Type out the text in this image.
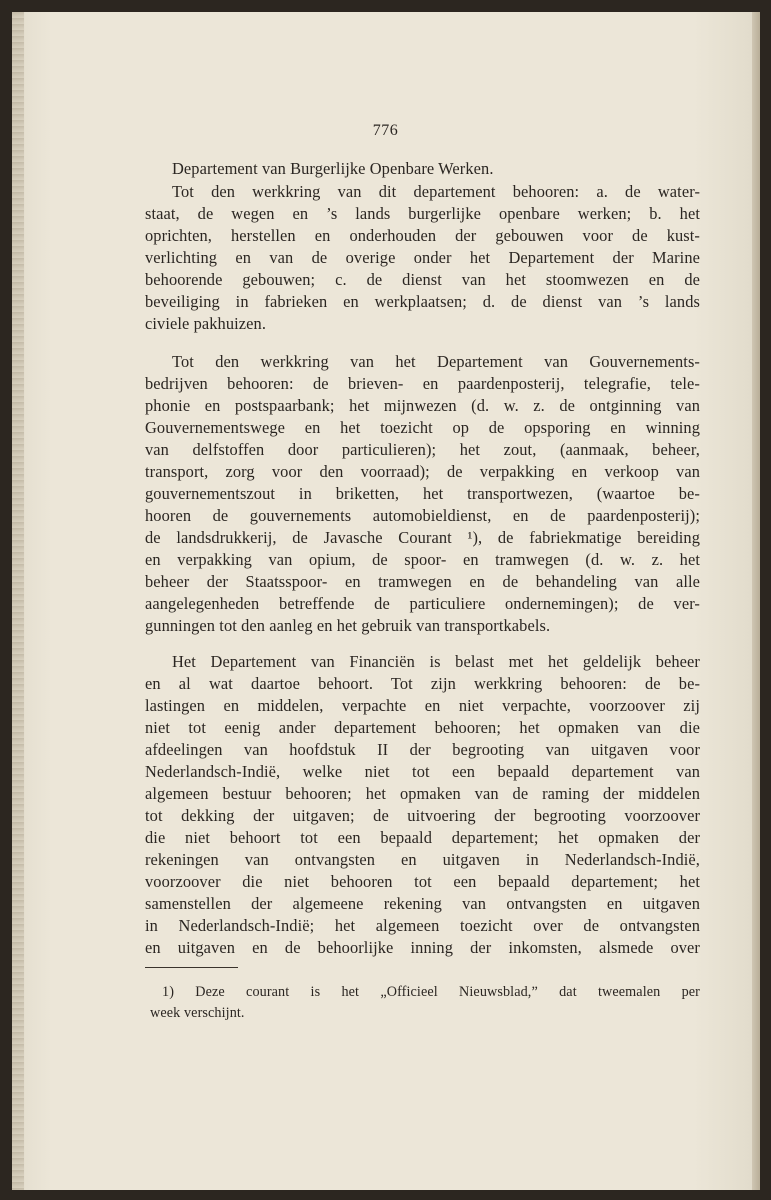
776
Departement van Burgerlijke Openbare Werken.
Tot den werkkring van dit departement behooren: a. de water-
staat, de wegen en ’s lands burgerlijke openbare werken; b. het
oprichten, herstellen en onderhouden der gebouwen voor de kust-
verlichting en van de overige onder het Departement der Marine
behoorende gebouwen; c. de dienst van het stoomwezen en de
beveiliging in fabrieken en werkplaatsen; d. de dienst van ’s lands
civiele pakhuizen.
Tot den werkkring van het Departement van Gouvernements-
bedrijven behooren: de brieven- en paardenposterij, telegrafie, tele-
phonie en postspaarbank; het mijnwezen (d. w. z. de ontginning van
Gouvernementswege en het toezicht op de opsporing en winning
van delfstoffen door particulieren); het zout, (aanmaak, beheer,
transport, zorg voor den voorraad); de verpakking en verkoop van
gouvernementszout in briketten, het transportwezen, (waartoe be-
hooren de gouvernements automobieldienst, en de paardenposterij);
de landsdrukkerij, de Javasche Courant ¹), de fabriekmatige bereiding
en verpakking van opium, de spoor- en tramwegen (d. w. z. het
beheer der Staatsspoor- en tramwegen en de behandeling van alle
aangelegenheden betreffende de particuliere ondernemingen); de ver-
gunningen tot den aanleg en het gebruik van transportkabels.
Het Departement van Financiën is belast met het geldelijk beheer
en al wat daartoe behoort. Tot zijn werkkring behooren: de be-
lastingen en middelen, verpachte en niet verpachte, voorzoover zij
niet tot eenig ander departement behooren; het opmaken van die
afdeelingen van hoofdstuk II der begrooting van uitgaven voor
Nederlandsch-Indië, welke niet tot een bepaald departement van
algemeen bestuur behooren; het opmaken van de raming der middelen
tot dekking der uitgaven; de uitvoering der begrooting voorzoover
die niet behoort tot een bepaald departement; het opmaken der
rekeningen van ontvangsten en uitgaven in Nederlandsch-Indië,
voorzoover die niet behooren tot een bepaald departement; het
samenstellen der algemeene rekening van ontvangsten en uitgaven
in Nederlandsch-Indië; het algemeen toezicht over de ontvangsten
en uitgaven en de behoorlijke inning der inkomsten, alsmede over
1) Deze courant is het „Officieel Nieuwsblad,” dat tweemalen per
week verschijnt.
